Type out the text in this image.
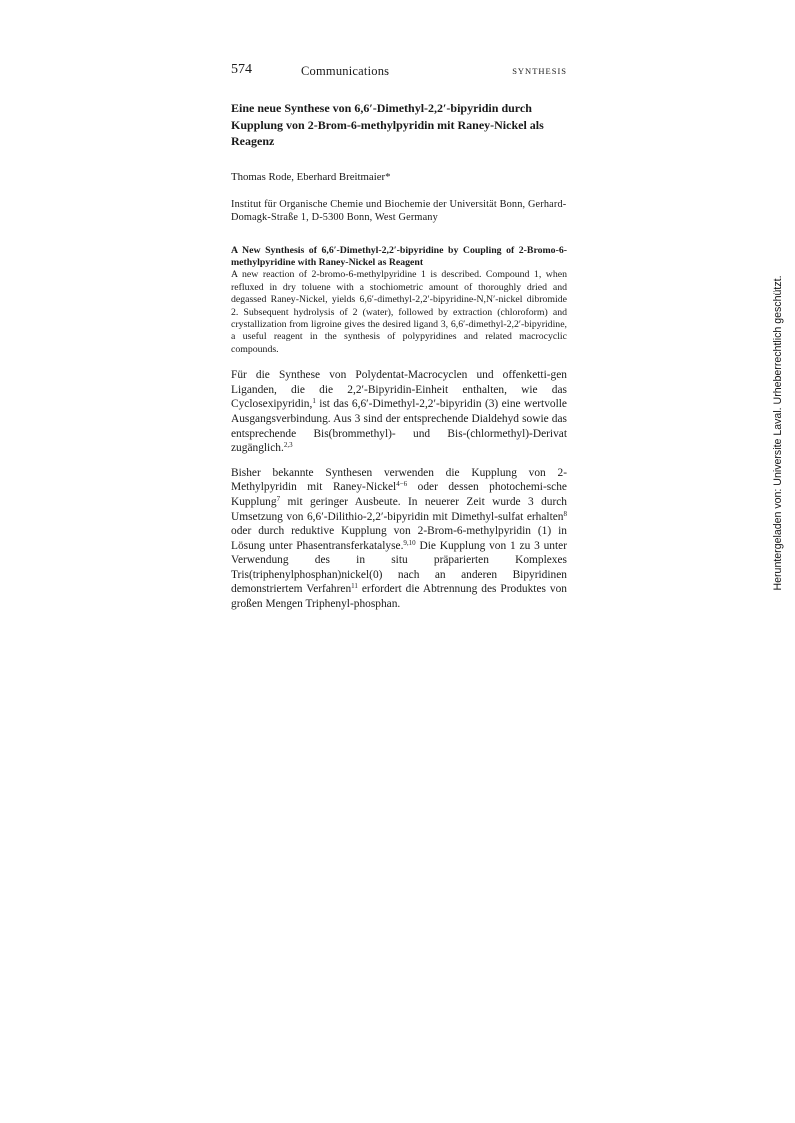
574	Communications	SYNTHESIS
Eine neue Synthese von 6,6′-Dimethyl-2,2′-bipyridin durch Kupplung von 2-Brom-6-methylpyridin mit Raney-Nickel als Reagenz
Thomas Rode, Eberhard Breitmaier*
Institut für Organische Chemie und Biochemie der Universität Bonn, Gerhard-Domagk-Straße 1, D-5300 Bonn, West Germany
A New Synthesis of 6,6′-Dimethyl-2,2′-bipyridine by Coupling of 2-Bromo-6-methylpyridine with Raney-Nickel as Reagent
A new reaction of 2-bromo-6-methylpyridine 1 is described. Compound 1, when refluxed in dry toluene with a stochiometric amount of thoroughly dried and degassed Raney-Nickel, yields 6,6′-dimethyl-2,2′-bipyridine-N,N′-nickel dibromide 2. Subsequent hydrolysis of 2 (water), followed by extraction (chloroform) and crystallization from ligroine gives the desired ligand 3, 6,6′-dimethyl-2,2′-bipyridine, a useful reagent in the synthesis of polypyridines and related macrocyclic compounds.

Für die Synthese von Polydentat-Macrocyclen und offenketti-gen Liganden, die die 2,2′-Bipyridin-Einheit enthalten, wie das Cyclosexipyridin,$^1$ ist das 6,6′-Dimethyl-2,2′-bipyridin (3) eine wertvolle Ausgangsverbindung. Aus 3 sind der entsprechende Dialdehyd sowie das entsprechende Bis(brommethyl)- und Bis-(chlormethyl)-Derivat zugänglich.$^{2,3}$

Bisher bekannte Synthesen verwenden die Kupplung von 2-Methylpyridin mit Raney-Nickel$^{4-6}$ oder dessen photochemi-sche Kupplung$^7$ mit geringer Ausbeute. In neuerer Zeit wurde 3 durch Umsetzung von 6,6′-Dilithio-2,2′-bipyridin mit Dimethyl-sulfat erhalten$^8$ oder durch reduktive Kupplung von 2-Brom-6-methylpyridin (1) in Lösung unter Phasentransferkatalyse.$^{9,10}$ Die Kupplung von 1 zu 3 unter Verwendung des in situ präparierten Komplexes Tris(triphenylphosphan)nickel(0) nach an anderen Bipyridinen demonstriertem Verfahren$^{11}$ erfordert die Abtrennung des Produktes von großen Mengen Triphenyl-phosphan.

Heruntergeladen von: Universite Laval. Urheberrechtlich geschützt.
